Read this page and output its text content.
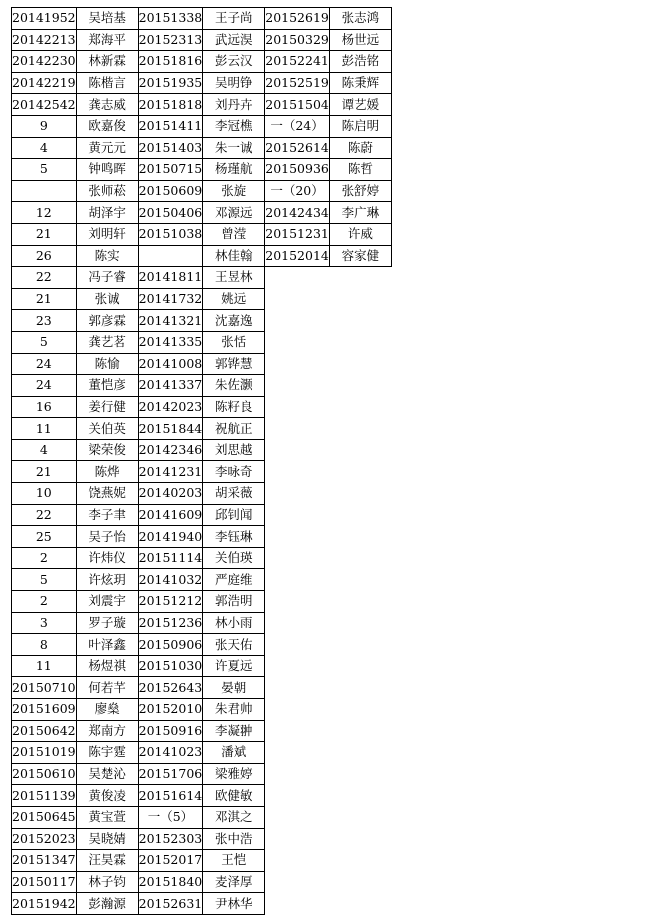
20141952	吴培基	20151338	王子尚	20152619	张志鸿
20142213	郑海平	20152313	武远淏	20150329	杨世远
20142230	林新霖	20151816	彭云汉	20152241	彭浩铭
20142219	陈楷言	20151935	吴明铮	20152519	陈秉辉
20142542	龚志威	20151818	刘丹卉	20151504	谭艺媛
9	欧嘉俊	20151411	李冠樵	一（24）	陈启明
4	黄元元	20151403	朱一诚	20152614	陈蔚
5	钟鸣晖	20150715	杨瑾航	20150936	陈哲
	张师菘	20150609	张旋	一（20）	张舒婷
12	胡泽宇	20150406	邓源远	20142434	李广琳
21	刘明轩	20151038	曾滢	20151231	许威
26	陈实		林佳翰	20152014	容家健
22	冯子睿	20141811	王昱林		
21	张诚	20141732	姚远		
23	郭彦霖	20141321	沈嘉逸		
5	龚艺茗	20141335	张恬		
24	陈愉	20141008	郭铧慧		
24	董恺彦	20141337	朱佐灏		
16	姜行健	20142023	陈籽良		
11	关伯英	20151844	祝航正		
4	梁荣俊	20142346	刘思越		
21	陈烨	20141231	李咏奇		
10	饶燕妮	20140203	胡采薇		
22	李子聿	20141609	邱钊闻		
25	吴子怡	20141940	李钰琳		
2	许炜仪	20151114	关伯瑛		
5	许炫玥	20141032	严庭维		
2	刘震宇	20151212	郭浩明		
3	罗子璇	20151236	林小雨		
8	叶泽鑫	20150906	张天佑		
11	杨煜祺	20151030	许夏远		
20150710	何若芊	20152643	晏朝		
20151609	廖燊	20152010	朱君帅		
20150642	郑南方	20150916	李凝翀		
20151019	陈宇霆	20141023	潘斌		
20150610	吴楚沁	20151706	梁雅婷		
20151139	黄俊凌	20151614	欧健敏		
20150645	黄宝萱	一（5）	邓淇之		
20152023	吴晓婧	20152303	张中浩		
20151347	汪昊霖	20152017	王恺		
20150117	林子钧	20151840	麦泽厚		
20151942	彭瀚源	20152631	尹林华		
